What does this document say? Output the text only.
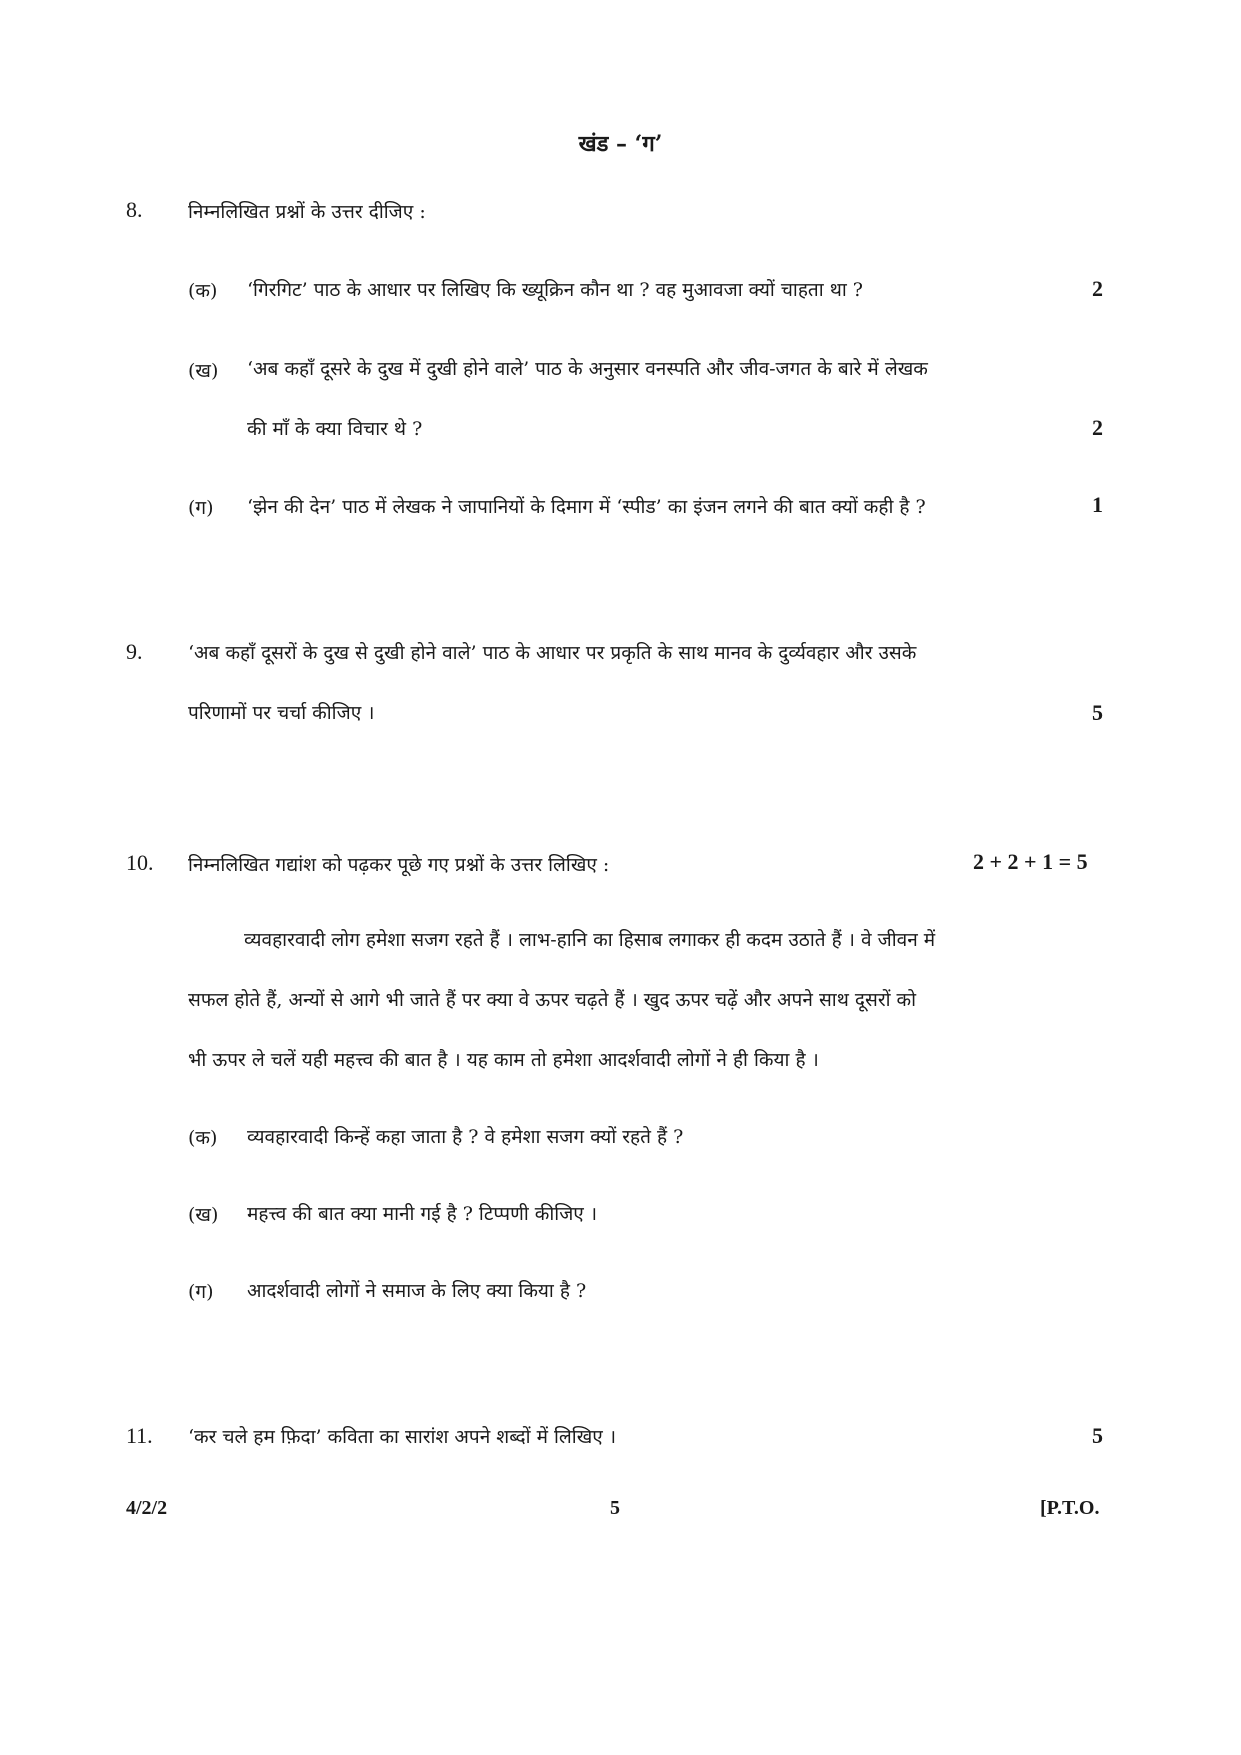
खंड – ‘ग’
8. निम्नलिखित प्रश्नों के उत्तर दीजिए :
(क) ‘गिरगिट’ पाठ के आधार पर लिखिए कि ख्यूक्रिन कौन था ? वह मुआवजा क्यों चाहता था ?	2
(ख) ‘अब कहाँ दूसरे के दुख में दुखी होने वाले’ पाठ के अनुसार वनस्पति और जीव-जगत के बारे में लेखक
की माँ के क्या विचार थे ?	2
(ग) ‘झेन की देन’ पाठ में लेखक ने जापानियों के दिमाग में ‘स्पीड’ का इंजन लगने की बात क्यों कही है ?	1
9. ‘अब कहाँ दूसरों के दुख से दुखी होने वाले’ पाठ के आधार पर प्रकृति के साथ मानव के दुर्व्यवहार और उसके
परिणामों पर चर्चा कीजिए ।	5
10. निम्नलिखित गद्यांश को पढ़कर पूछे गए प्रश्नों के उत्तर लिखिए :	2 + 2 + 1 = 5
व्यवहारवादी लोग हमेशा सजग रहते हैं । लाभ-हानि का हिसाब लगाकर ही कदम उठाते हैं । वे जीवन में
सफल होते हैं, अन्यों से आगे भी जाते हैं पर क्या वे ऊपर चढ़ते हैं । खुद ऊपर चढ़ें और अपने साथ दूसरों को
भी ऊपर ले चलें यही महत्त्व की बात है । यह काम तो हमेशा आदर्शवादी लोगों ने ही किया है ।
(क) व्यवहारवादी किन्हें कहा जाता है ? वे हमेशा सजग क्यों रहते हैं ?
(ख) महत्त्व की बात क्या मानी गई है ? टिप्पणी कीजिए ।
(ग) आदर्शवादी लोगों ने समाज के लिए क्या किया है ?
11. ‘कर चले हम फ़िदा’ कविता का सारांश अपने शब्दों में लिखिए ।	5
4/2/2	5	[P.T.O.
